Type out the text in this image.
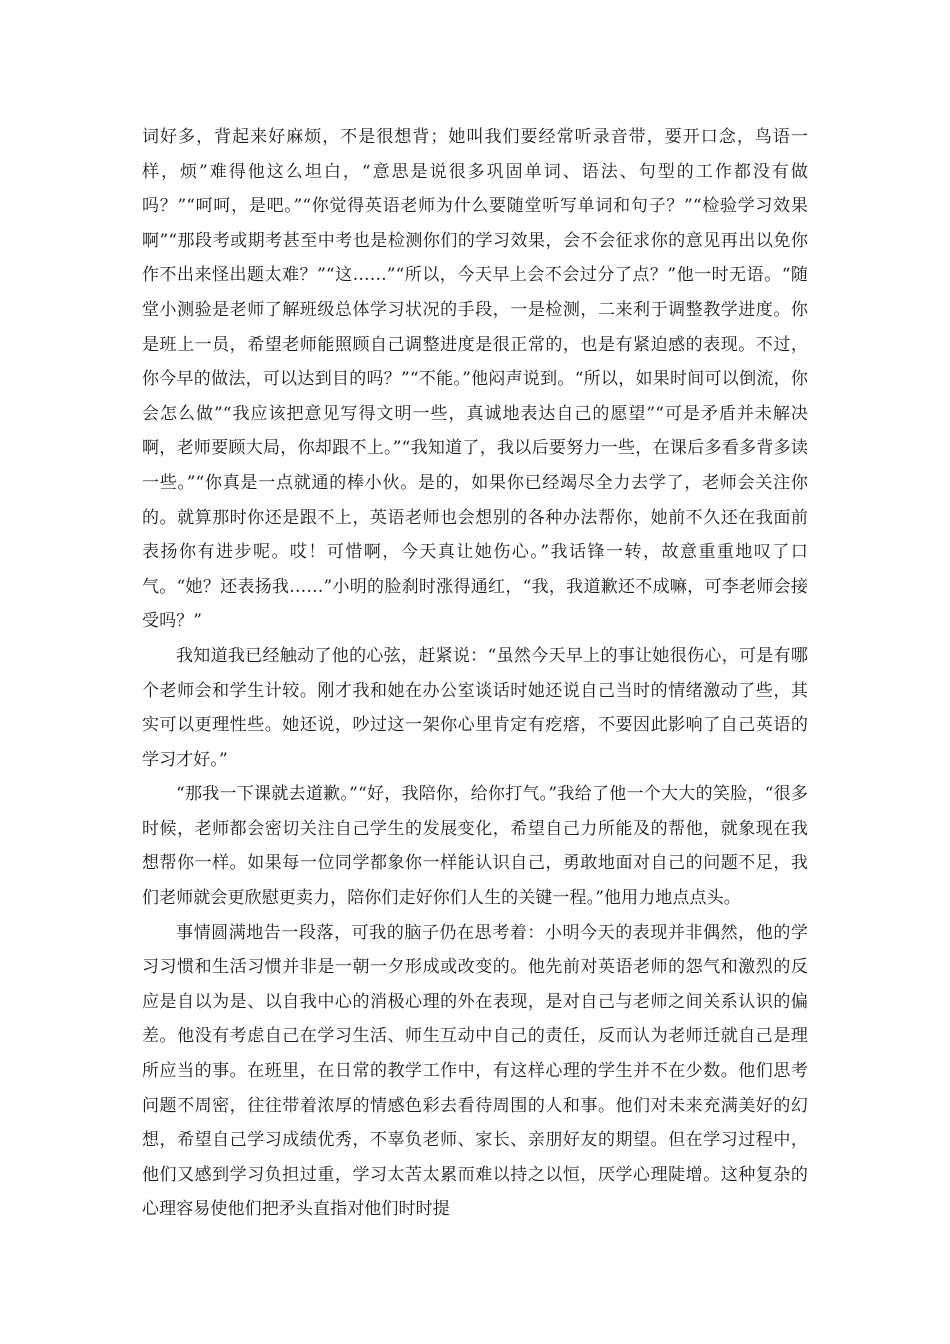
词好多，背起来好麻烦，不是很想背；她叫我们要经常听录音带，要开口念，鸟语一样，烦”难得他这么坦白，“意思是说很多巩固单词、语法、句型的工作都没有做吗？”“呵呵，是吧。”“你觉得英语老师为什么要随堂听写单词和句子？”“检验学习效果啊”“那段考或期考甚至中考也是检测你们的学习效果，会不会征求你的意见再出以免你作不出来怪出题太难？”“这……”“所以，今天早上会不会过分了点？”他一时无语。“随堂小测验是老师了解班级总体学习状况的手段，一是检测，二来利于调整教学进度。你是班上一员，希望老师能照顾自己调整进度是很正常的，也是有紧迫感的表现。不过，你今早的做法，可以达到目的吗？”“不能。”他闷声说到。“所以，如果时间可以倒流，你会怎么做”“我应该把意见写得文明一些，真诚地表达自己的愿望”“可是矛盾并未解决啊，老师要顾大局，你却跟不上。”“我知道了，我以后要努力一些，在课后多看多背多读一些。”“你真是一点就通的棒小伙。是的，如果你已经竭尽全力去学了，老师会关注你的。就算那时你还是跟不上，英语老师也会想别的各种办法帮你，她前不久还在我面前表扬你有进步呢。哎！可惜啊，今天真让她伤心。”我话锋一转，故意重重地叹了口气。“她？还表扬我……”小明的脸刹时涨得通红，“我，我道歉还不成嘛，可李老师会接受吗？”

我知道我已经触动了他的心弦，赶紧说：“虽然今天早上的事让她很伤心，可是有哪个老师会和学生计较。刚才我和她在办公室谈话时她还说自己当时的情绪激动了些，其实可以更理性些。她还说，吵过这一架你心里肯定有疙瘩，不要因此影响了自己英语的学习才好。”

“那我一下课就去道歉。”“好，我陪你，给你打气。”我给了他一个大大的笑脸，“很多时候，老师都会密切关注自己学生的发展变化，希望自己力所能及的帮他，就象现在我想帮你一样。如果每一位同学都象你一样能认识自己，勇敢地面对自己的问题不足，我们老师就会更欣慰更卖力，陪你们走好你们人生的关键一程。”他用力地点点头。

事情圆满地告一段落，可我的脑子仍在思考着：小明今天的表现并非偶然，他的学习习惯和生活习惯并非是一朝一夕形成或改变的。他先前对英语老师的怨气和激烈的反应是自以为是、以自我中心的消极心理的外在表现，是对自己与老师之间关系认识的偏差。他没有考虑自己在学习生活、师生互动中自己的责任，反而认为老师迁就自己是理所应当的事。在班里，在日常的教学工作中，有这样心理的学生并不在少数。他们思考问题不周密，往往带着浓厚的情感色彩去看待周围的人和事。他们对未来充满美好的幻想，希望自己学习成绩优秀，不辜负老师、家长、亲朋好友的期望。但在学习过程中，他们又感到学习负担过重，学习太苦太累而难以持之以恒，厌学心理陡增。这种复杂的心理容易使他们把矛头直指对他们时时提
